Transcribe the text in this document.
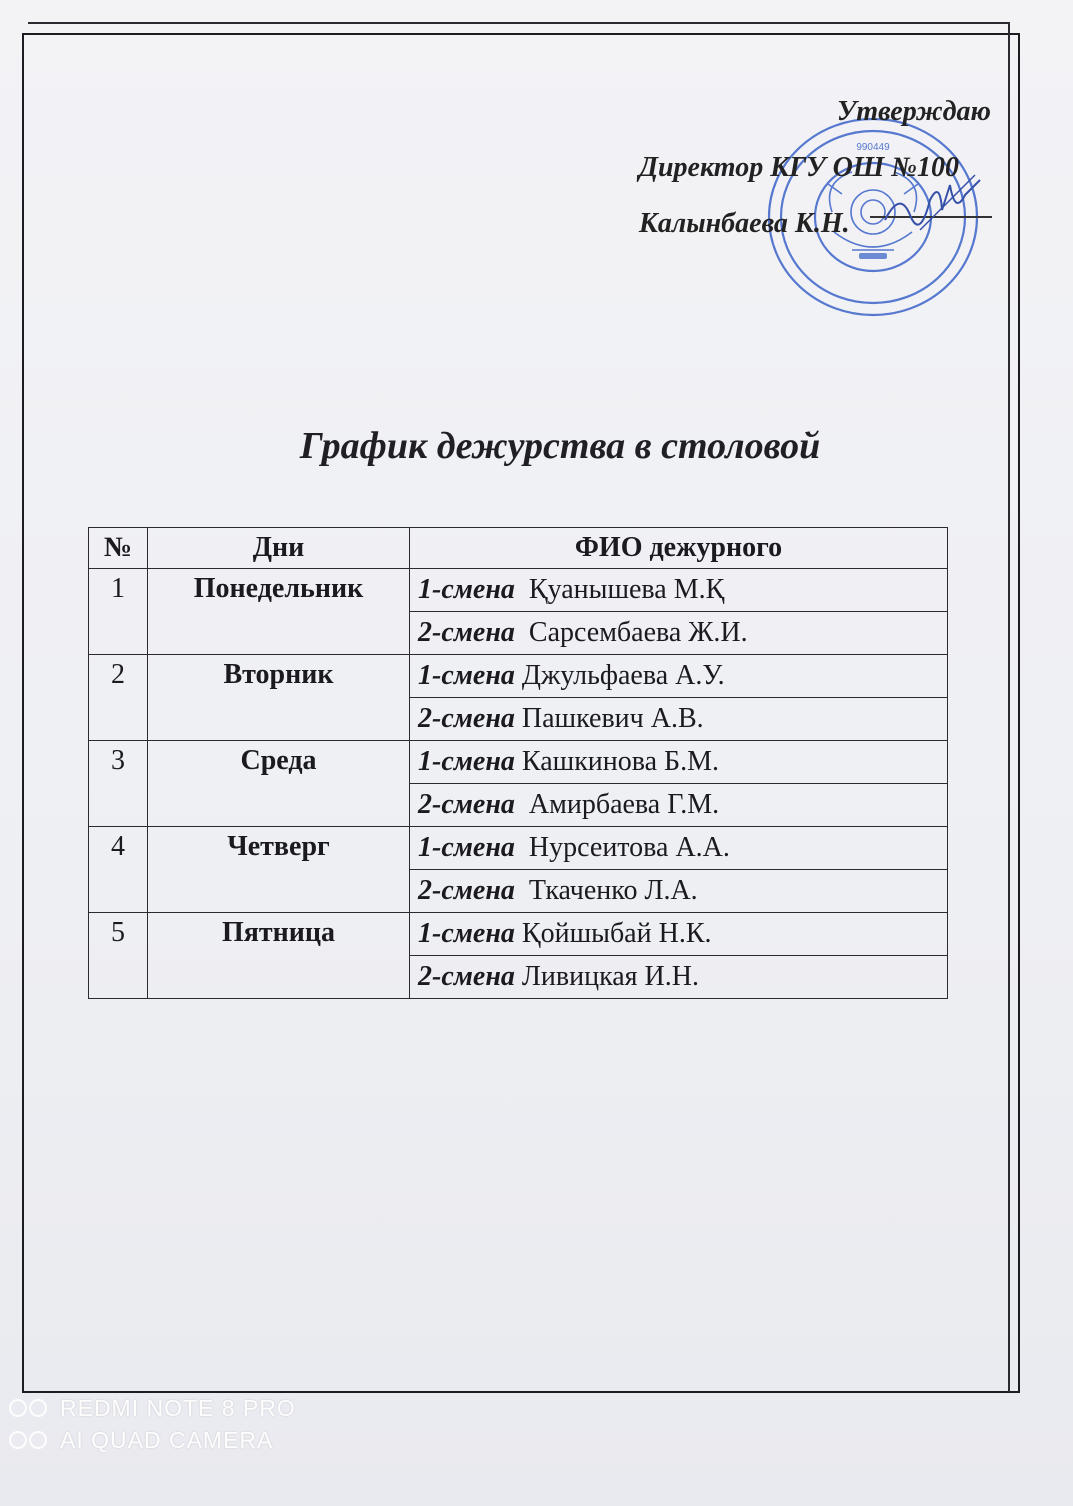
990449
Утверждаю
Директор КГУ ОШ №100
Калынбаева К.Н.
График дежурства в столовой
№	Дни	ФИО дежурного
1	Понедельник	1-смена Қуанышева М.Қ
		2-смена Сарсембаева Ж.И.
2	Вторник	1-смена Джульфаева А.У.
		2-смена Пашкевич А.В.
3	Среда	1-смена Кашкинова Б.М.
		2-смена Амирбаева Г.М.
4	Четверг	1-смена Нурсеитова А.А.
		2-смена Ткаченко Л.А.
5	Пятница	1-смена Қойшыбай Н.К.
		2-смена Ливицкая И.Н.
REDMI NOTE 8 PRO
AI QUAD CAMERA
